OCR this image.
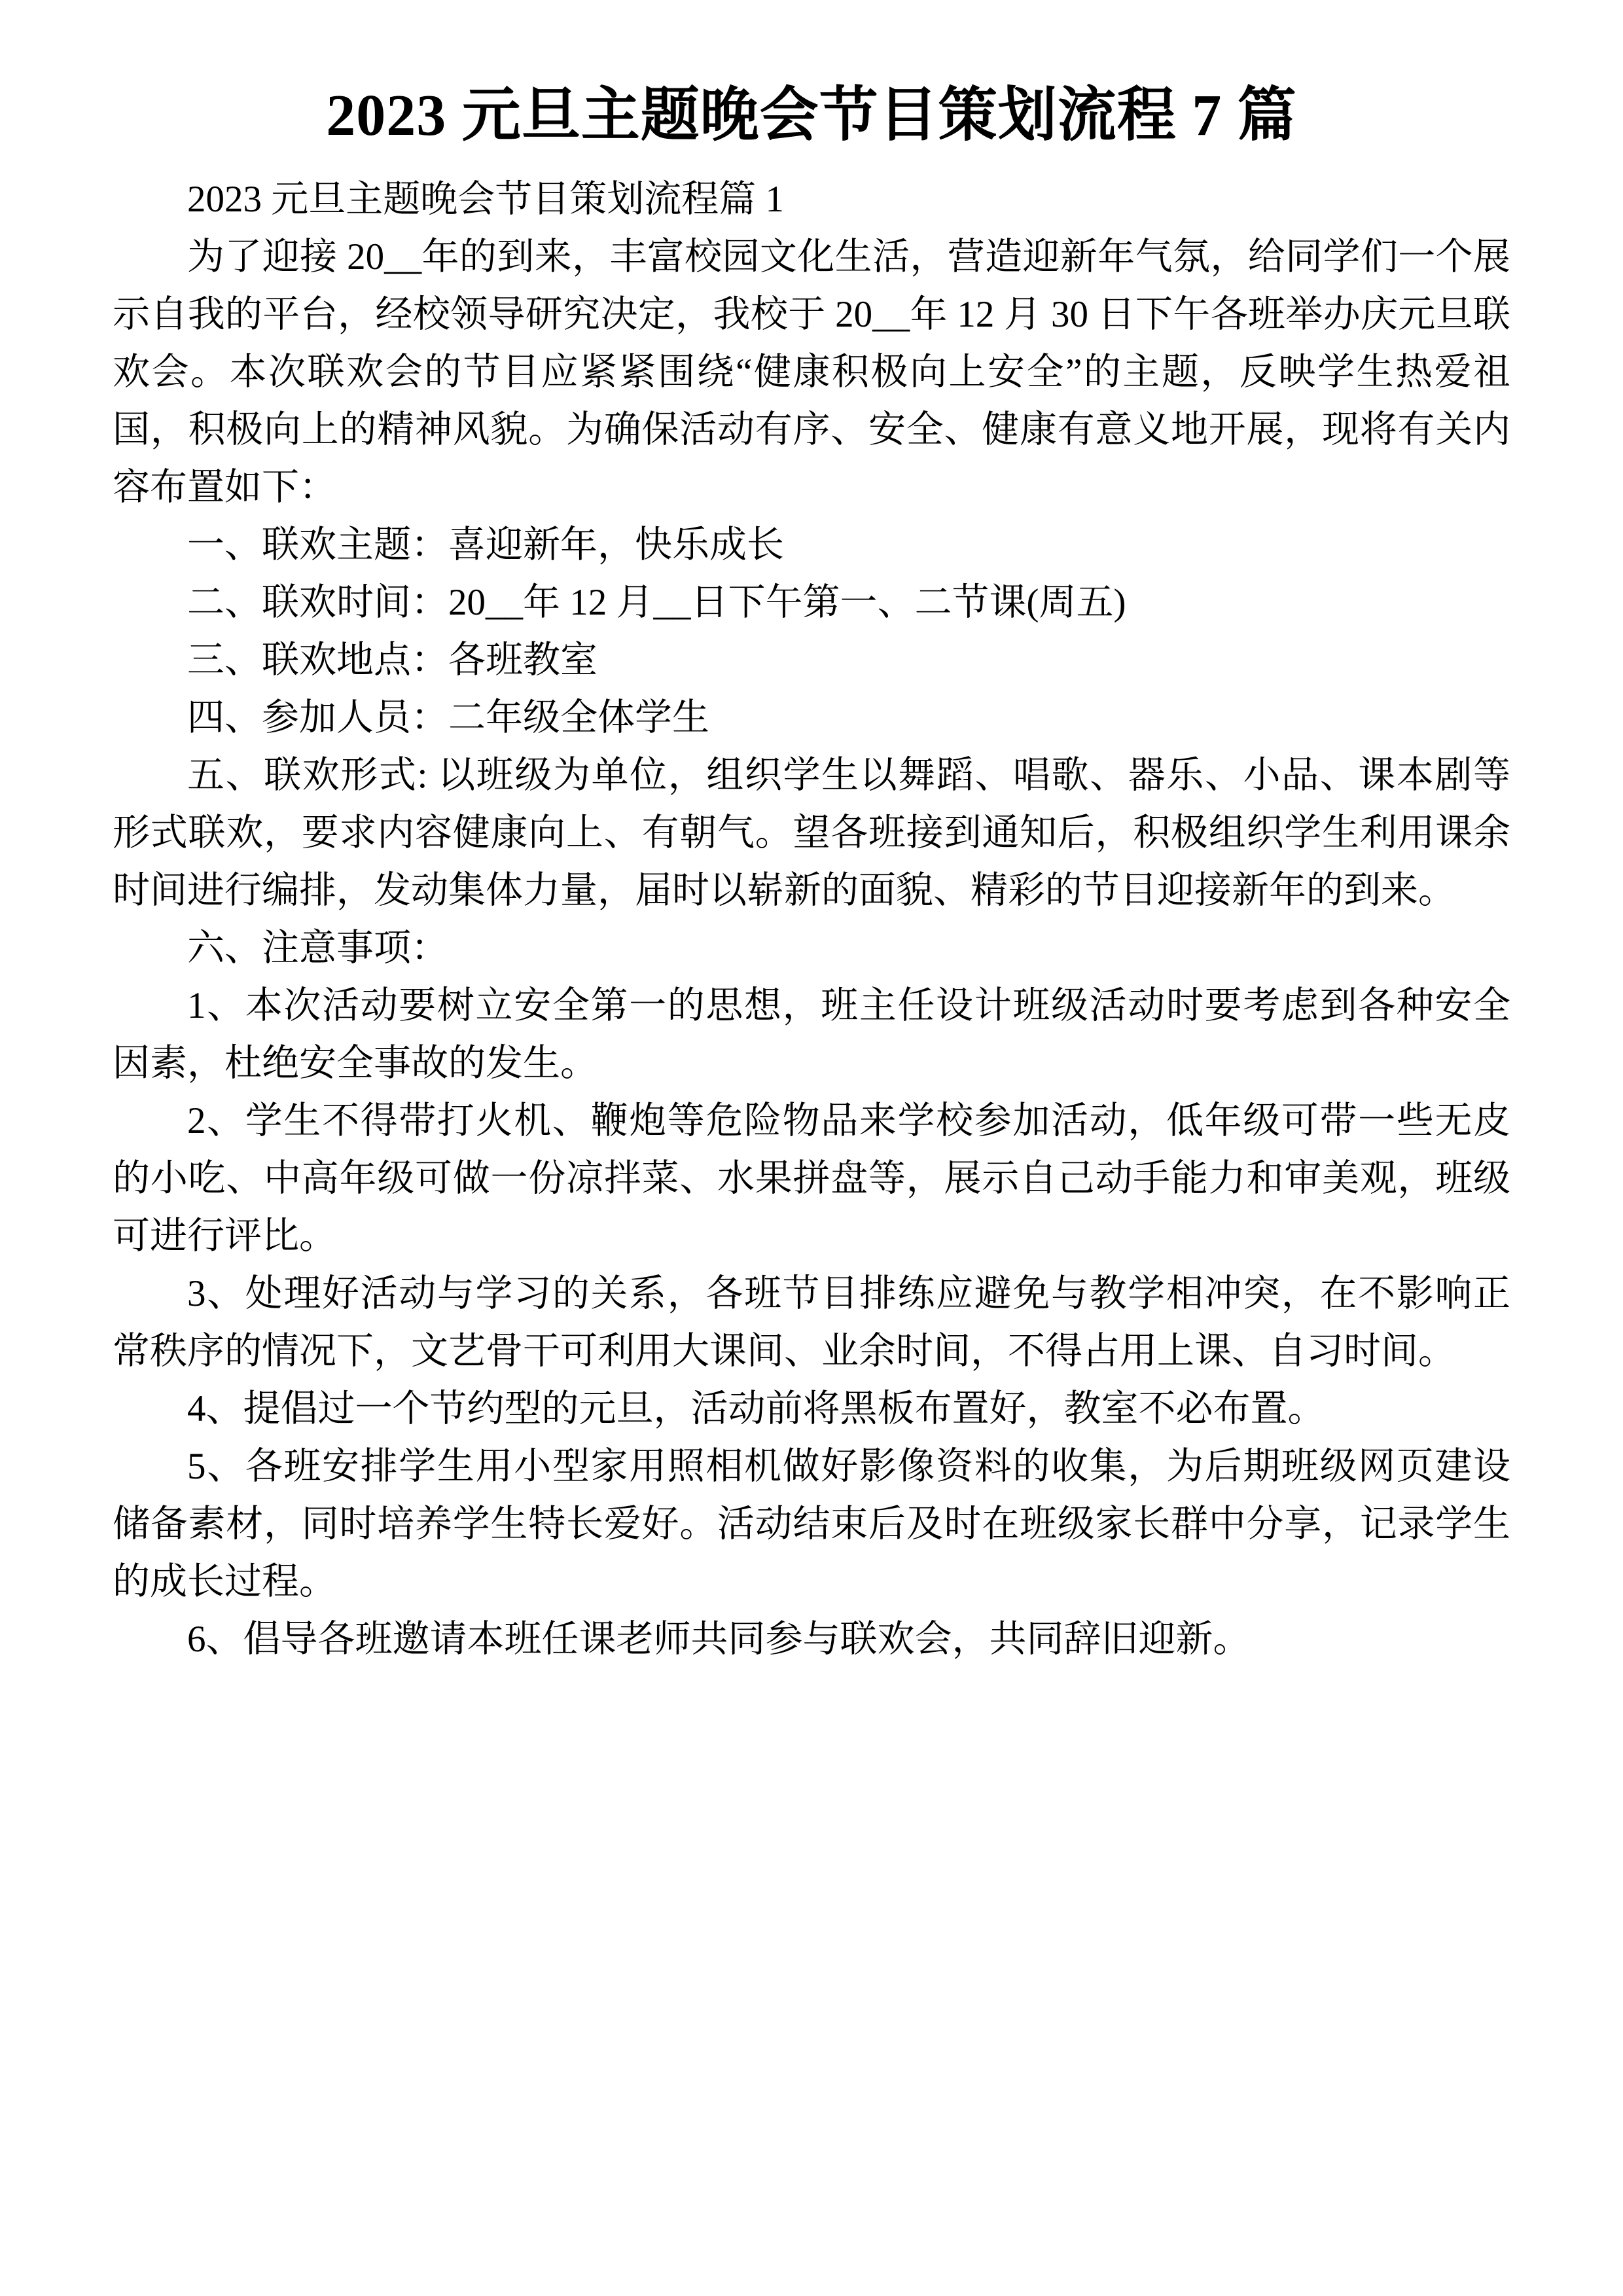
2023 元旦主题晚会节目策划流程 7 篇

2023 元旦主题晚会节目策划流程篇 1

为了迎接 20__年的到来，丰富校园文化生活，营造迎新年气氛，给同学们一个展示自我的平台，经校领导研究决定，我校于 20__年 12 月 30 日下午各班举办庆元旦联欢会。本次联欢会的节目应紧紧围绕“健康积极向上安全”的主题，反映学生热爱祖国，积极向上的精神风貌。为确保活动有序、安全、健康有意义地开展，现将有关内容布置如下：

一、联欢主题：喜迎新年，快乐成长

二、联欢时间：20__年 12 月__日下午第一、二节课(周五)

三、联欢地点：各班教室

四、参加人员：二年级全体学生

五、联欢形式: 以班级为单位，组织学生以舞蹈、唱歌、器乐、小品、课本剧等形式联欢，要求内容健康向上、有朝气。望各班接到通知后，积极组织学生利用课余时间进行编排，发动集体力量，届时以崭新的面貌、精彩的节目迎接新年的到来。

六、注意事项：

1、本次活动要树立安全第一的思想，班主任设计班级活动时要考虑到各种安全因素，杜绝安全事故的发生。

2、学生不得带打火机、鞭炮等危险物品来学校参加活动，低年级可带一些无皮的小吃、中高年级可做一份凉拌菜、水果拼盘等，展示自己动手能力和审美观，班级可进行评比。

3、处理好活动与学习的关系，各班节目排练应避免与教学相冲突，在不影响正常秩序的情况下，文艺骨干可利用大课间、业余时间，不得占用上课、自习时间。

4、提倡过一个节约型的元旦，活动前将黑板布置好，教室不必布置。

5、各班安排学生用小型家用照相机做好影像资料的收集，为后期班级网页建设储备素材，同时培养学生特长爱好。活动结束后及时在班级家长群中分享，记录学生的成长过程。

6、倡导各班邀请本班任课老师共同参与联欢会，共同辞旧迎新。
